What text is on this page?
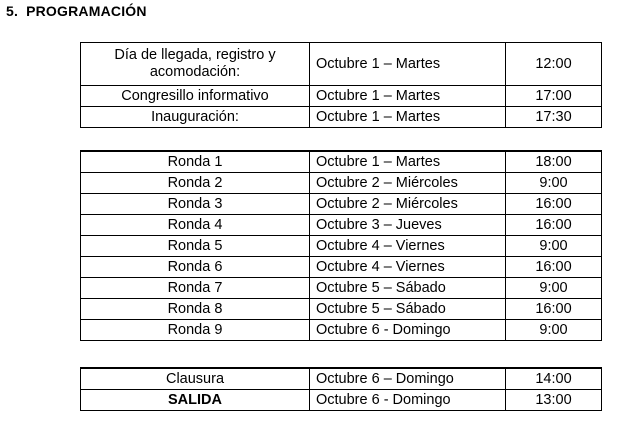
5. PROGRAMACIÓN
Día de llegada, registro y acomodación:	Octubre 1 – Martes	12:00
Congresillo informativo	Octubre 1 – Martes	17:00
Inauguración:	Octubre 1 – Martes	17:30
Ronda 1	Octubre 1 – Martes	18:00
Ronda 2	Octubre 2 – Miércoles	9:00
Ronda 3	Octubre 2 – Miércoles	16:00
Ronda 4	Octubre 3 – Jueves	16:00
Ronda 5	Octubre 4 – Viernes	9:00
Ronda 6	Octubre 4 – Viernes	16:00
Ronda 7	Octubre 5 – Sábado	9:00
Ronda 8	Octubre 5 – Sábado	16:00
Ronda 9	Octubre 6 - Domingo	9:00
Clausura	Octubre 6 – Domingo	14:00
SALIDA	Octubre 6 - Domingo	13:00
